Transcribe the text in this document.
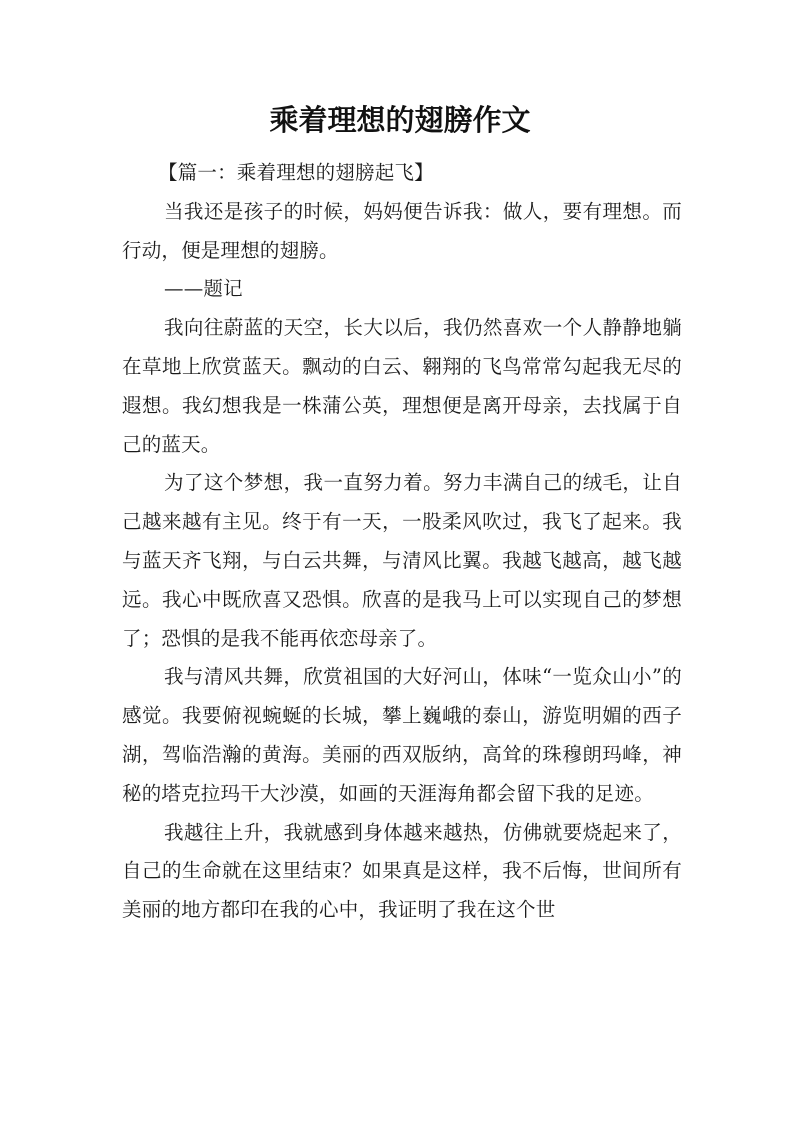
乘着理想的翅膀作文

【篇一：乘着理想的翅膀起飞】

当我还是孩子的时候，妈妈便告诉我：做人，要有理想。而行动，便是理想的翅膀。

——题记

我向往蔚蓝的天空，长大以后，我仍然喜欢一个人静静地躺在草地上欣赏蓝天。飘动的白云、翱翔的飞鸟常常勾起我无尽的遐想。我幻想我是一株蒲公英，理想便是离开母亲，去找属于自己的蓝天。

为了这个梦想，我一直努力着。努力丰满自己的绒毛，让自己越来越有主见。终于有一天，一股柔风吹过，我飞了起来。我与蓝天齐飞翔，与白云共舞，与清风比翼。我越飞越高，越飞越远。我心中既欣喜又恐惧。欣喜的是我马上可以实现自己的梦想了；恐惧的是我不能再依恋母亲了。

我与清风共舞，欣赏祖国的大好河山，体味“一览众山小”的感觉。我要俯视蜿蜒的长城，攀上巍峨的泰山，游览明媚的西子湖，驾临浩瀚的黄海。美丽的西双版纳，高耸的珠穆朗玛峰，神秘的塔克拉玛干大沙漠，如画的天涯海角都会留下我的足迹。

我越往上升，我就感到身体越来越热，仿佛就要烧起来了，自己的生命就在这里结束？如果真是这样，我不后悔，世间所有美丽的地方都印在我的心中，我证明了我在这个世
